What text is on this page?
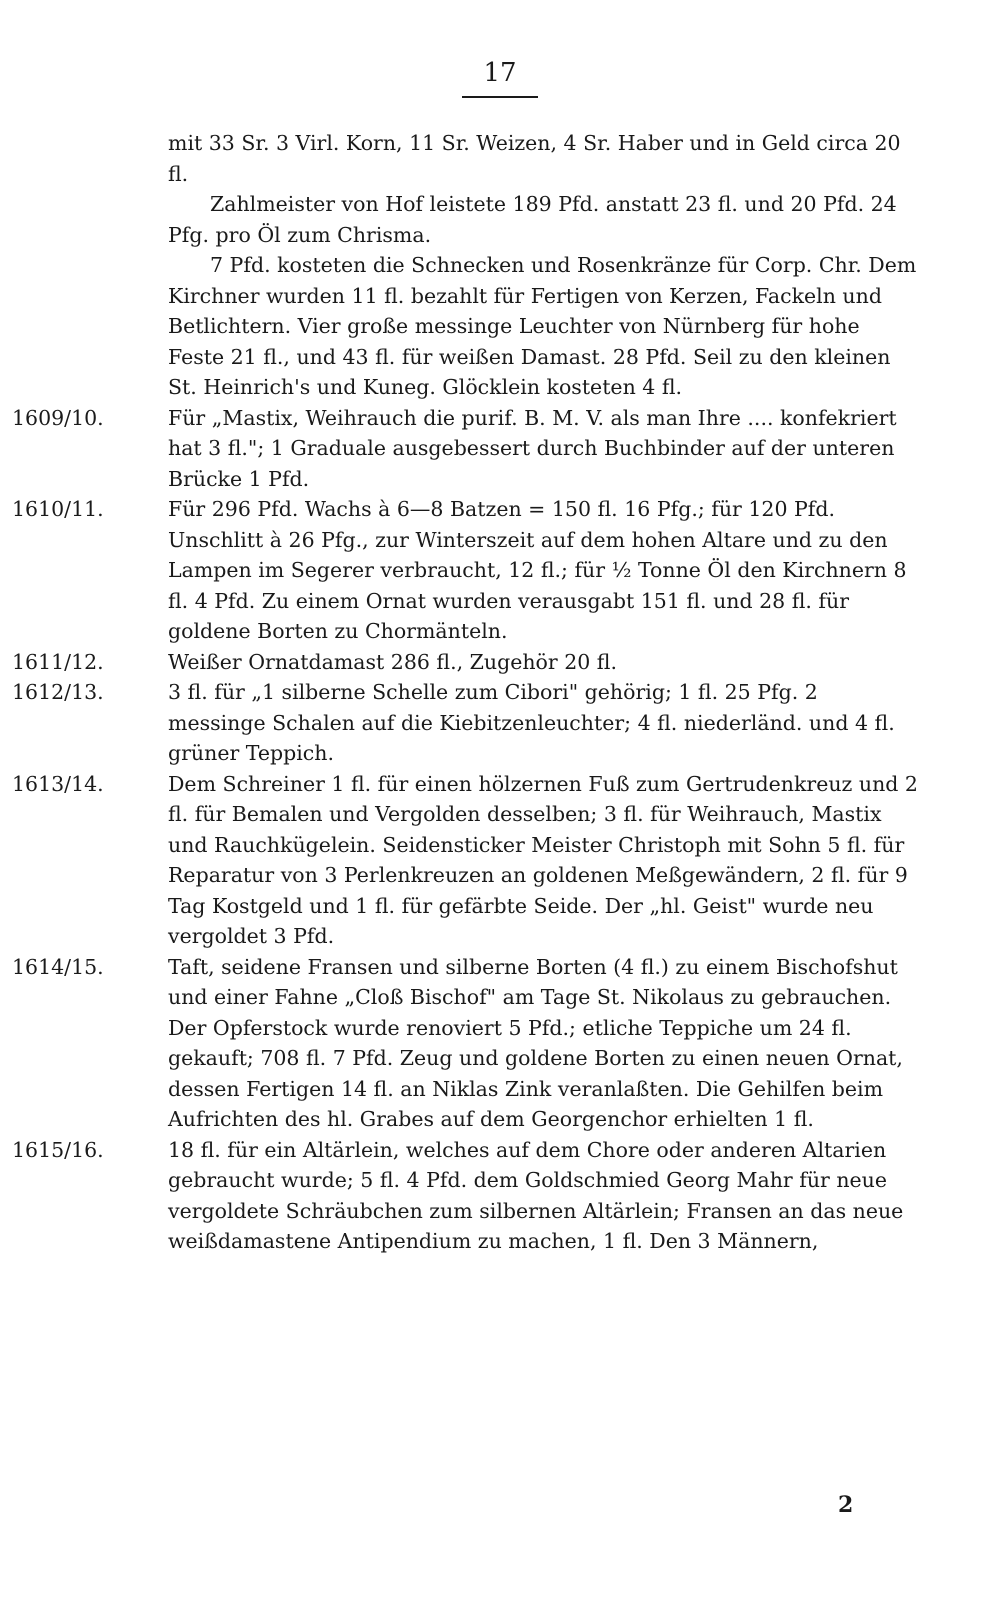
17

mit 33 Sr. 3 Virl. Korn, 11 Sr. Weizen, 4 Sr. Haber und in Geld circa 20 fl.

Zahlmeister von Hof leistete 189 Pfd. anstatt 23 fl. und 20 Pfd. 24 Pfg. pro Öl zum Chrisma.

7 Pfd. kosteten die Schnecken und Rosenkränze für Corp. Chr. Dem Kirchner wurden 11 fl. bezahlt für Fertigen von Kerzen, Fackeln und Betlichtern. Vier große messinge Leuchter von Nürnberg für hohe Feste 21 fl., und 43 fl. für weißen Damast. 28 Pfd. Seil zu den kleinen St. Heinrich's und Kuneg. Glöcklein kosteten 4 fl.

1609/10.	Für „Mastix, Weihrauch die purif. B. M. V. als man Ihre .... konfekriert hat 3 fl."; 1 Graduale ausgebessert durch Buchbinder auf der unteren Brücke 1 Pfd.

1610/11.	Für 296 Pfd. Wachs à 6—8 Batzen = 150 fl. 16 Pfg.; für 120 Pfd. Unschlitt à 26 Pfg., zur Winterszeit auf dem hohen Altare und zu den Lampen im Segerer verbraucht, 12 fl.; für ½ Tonne Öl den Kirchnern 8 fl. 4 Pfd. Zu einem Ornat wurden verausgabt 151 fl. und 28 fl. für goldene Borten zu Chormänteln.

1611/12.	Weißer Ornatdamast 286 fl., Zugehör 20 fl.

1612/13.	3 fl. für „1 silberne Schelle zum Cibori" gehörig; 1 fl. 25 Pfg. 2 messinge Schalen auf die Kiebitzenleuchter; 4 fl. niederländ. und 4 fl. grüner Teppich.

1613/14.	Dem Schreiner 1 fl. für einen hölzernen Fuß zum Gertrudenkreuz und 2 fl. für Bemalen und Vergolden desselben; 3 fl. für Weihrauch, Mastix und Rauchkügelein. Seidensticker Meister Christoph mit Sohn 5 fl. für Reparatur von 3 Perlenkreuzen an goldenen Meßgewändern, 2 fl. für 9 Tag Kostgeld und 1 fl. für gefärbte Seide. Der „hl. Geist" wurde neu vergoldet 3 Pfd.

1614/15.	Taft, seidene Fransen und silberne Borten (4 fl.) zu einem Bischofshut und einer Fahne „Cloß Bischof" am Tage St. Nikolaus zu gebrauchen. Der Opferstock wurde renoviert 5 Pfd.; etliche Teppiche um 24 fl. gekauft; 708 fl. 7 Pfd. Zeug und goldene Borten zu einen neuen Ornat, dessen Fertigen 14 fl. an Niklas Zink veranlaßten. Die Gehilfen beim Aufrichten des hl. Grabes auf dem Georgenchor erhielten 1 fl.

1615/16.	18 fl. für ein Altärlein, welches auf dem Chore oder anderen Altarien gebraucht wurde; 5 fl. 4 Pfd. dem Goldschmied Georg Mahr für neue vergoldete Schräubchen zum silbernen Altärlein; Fransen an das neue weißdamastene Antipendium zu machen, 1 fl. Den 3 Männern,

2
